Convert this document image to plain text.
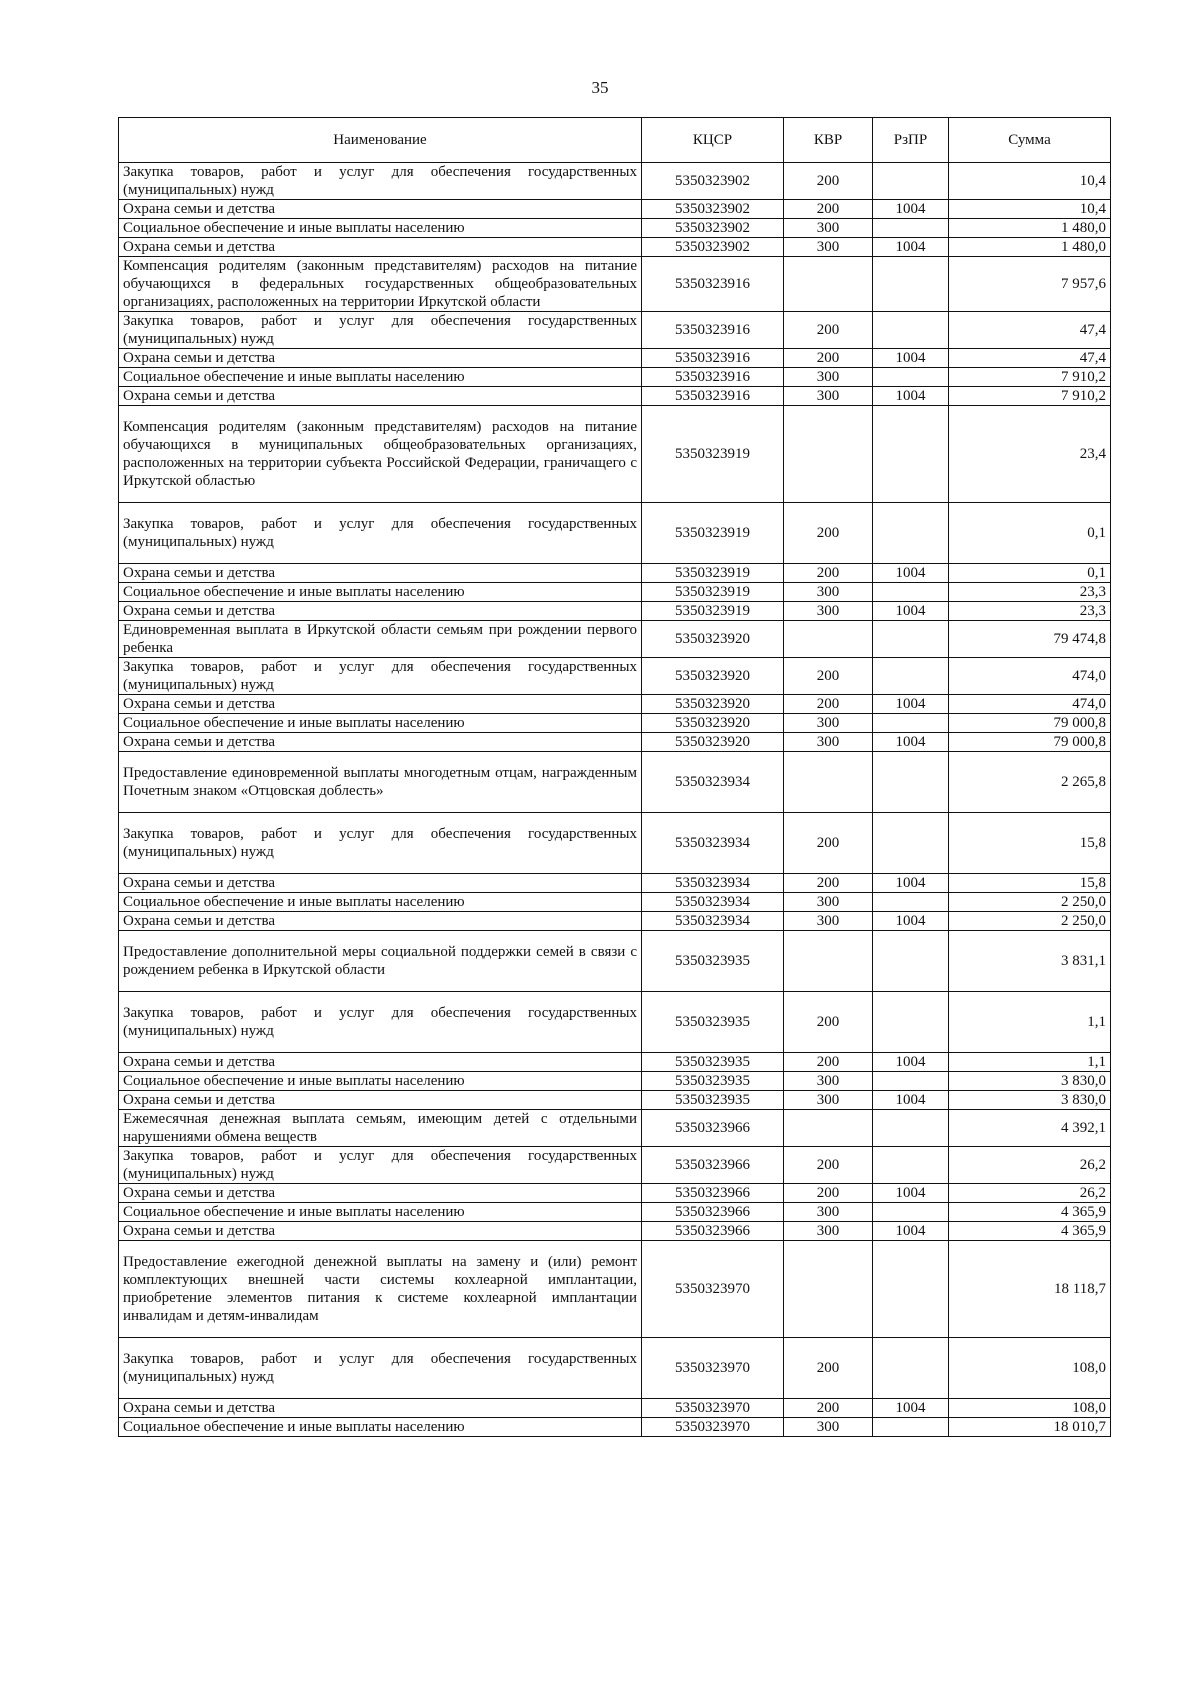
35
Наименование	КЦСР	КВР	РзПР	Сумма
Закупка товаров, работ и услуг для обеспечения государственных (муниципальных) нужд	5350323902	200		10,4
Охрана семьи и детства	5350323902	200	1004	10,4
Социальное обеспечение и иные выплаты населению	5350323902	300		1 480,0
Охрана семьи и детства	5350323902	300	1004	1 480,0
Компенсация родителям (законным представителям) расходов на питание обучающихся в федеральных государственных общеобразовательных организациях, расположенных на территории Иркутской области	5350323916			7 957,6
Закупка товаров, работ и услуг для обеспечения государственных (муниципальных) нужд	5350323916	200		47,4
Охрана семьи и детства	5350323916	200	1004	47,4
Социальное обеспечение и иные выплаты населению	5350323916	300		7 910,2
Охрана семьи и детства	5350323916	300	1004	7 910,2
Компенсация родителям (законным представителям) расходов на питание обучающихся в муниципальных общеобразовательных организациях, расположенных на территории субъекта Российской Федерации, граничащего с Иркутской областью	5350323919			23,4
Закупка товаров, работ и услуг для обеспечения государственных (муниципальных) нужд	5350323919	200		0,1
Охрана семьи и детства	5350323919	200	1004	0,1
Социальное обеспечение и иные выплаты населению	5350323919	300		23,3
Охрана семьи и детства	5350323919	300	1004	23,3
Единовременная выплата в Иркутской области семьям при рождении первого ребенка	5350323920			79 474,8
Закупка товаров, работ и услуг для обеспечения государственных (муниципальных) нужд	5350323920	200		474,0
Охрана семьи и детства	5350323920	200	1004	474,0
Социальное обеспечение и иные выплаты населению	5350323920	300		79 000,8
Охрана семьи и детства	5350323920	300	1004	79 000,8
Предоставление единовременной выплаты многодетным отцам, награжденным Почетным знаком «Отцовская доблесть»	5350323934			2 265,8
Закупка товаров, работ и услуг для обеспечения государственных (муниципальных) нужд	5350323934	200		15,8
Охрана семьи и детства	5350323934	200	1004	15,8
Социальное обеспечение и иные выплаты населению	5350323934	300		2 250,0
Охрана семьи и детства	5350323934	300	1004	2 250,0
Предоставление дополнительной меры социальной поддержки семей в связи с рождением ребенка в Иркутской области	5350323935			3 831,1
Закупка товаров, работ и услуг для обеспечения государственных (муниципальных) нужд	5350323935	200		1,1
Охрана семьи и детства	5350323935	200	1004	1,1
Социальное обеспечение и иные выплаты населению	5350323935	300		3 830,0
Охрана семьи и детства	5350323935	300	1004	3 830,0
Ежемесячная денежная выплата семьям, имеющим детей с отдельными нарушениями обмена веществ	5350323966			4 392,1
Закупка товаров, работ и услуг для обеспечения государственных (муниципальных) нужд	5350323966	200		26,2
Охрана семьи и детства	5350323966	200	1004	26,2
Социальное обеспечение и иные выплаты населению	5350323966	300		4 365,9
Охрана семьи и детства	5350323966	300	1004	4 365,9
Предоставление ежегодной денежной выплаты на замену и (или) ремонт комплектующих внешней части системы кохлеарной имплантации, приобретение элементов питания к системе кохлеарной имплантации инвалидам и детям-инвалидам	5350323970			18 118,7
Закупка товаров, работ и услуг для обеспечения государственных (муниципальных) нужд	5350323970	200		108,0
Охрана семьи и детства	5350323970	200	1004	108,0
Социальное обеспечение и иные выплаты населению	5350323970	300		18 010,7
